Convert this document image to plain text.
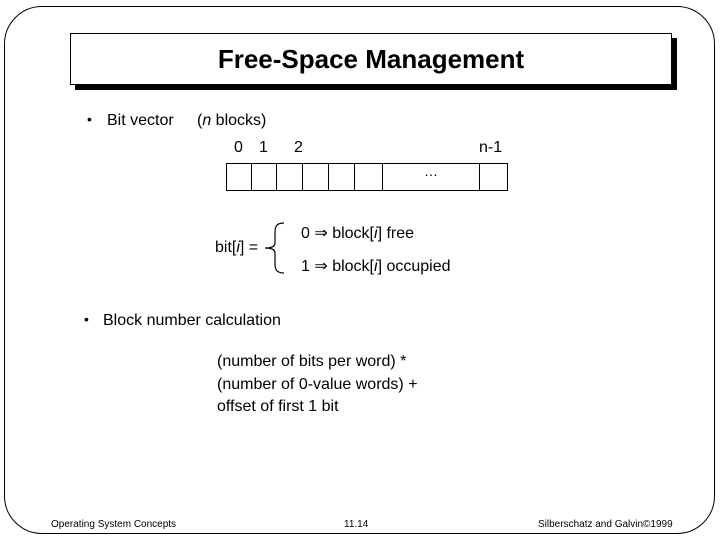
Free-Space Management
• Bit vector (n blocks)
0 1 2	n-1
…
bit[i] =
0 ⇒ block[i] free
1 ⇒ block[i] occupied
• Block number calculation
(number of bits per word) *
(number of 0-value words) +
offset of first 1 bit
Operating System Concepts	11.14	Silberschatz and Galvin©1999
